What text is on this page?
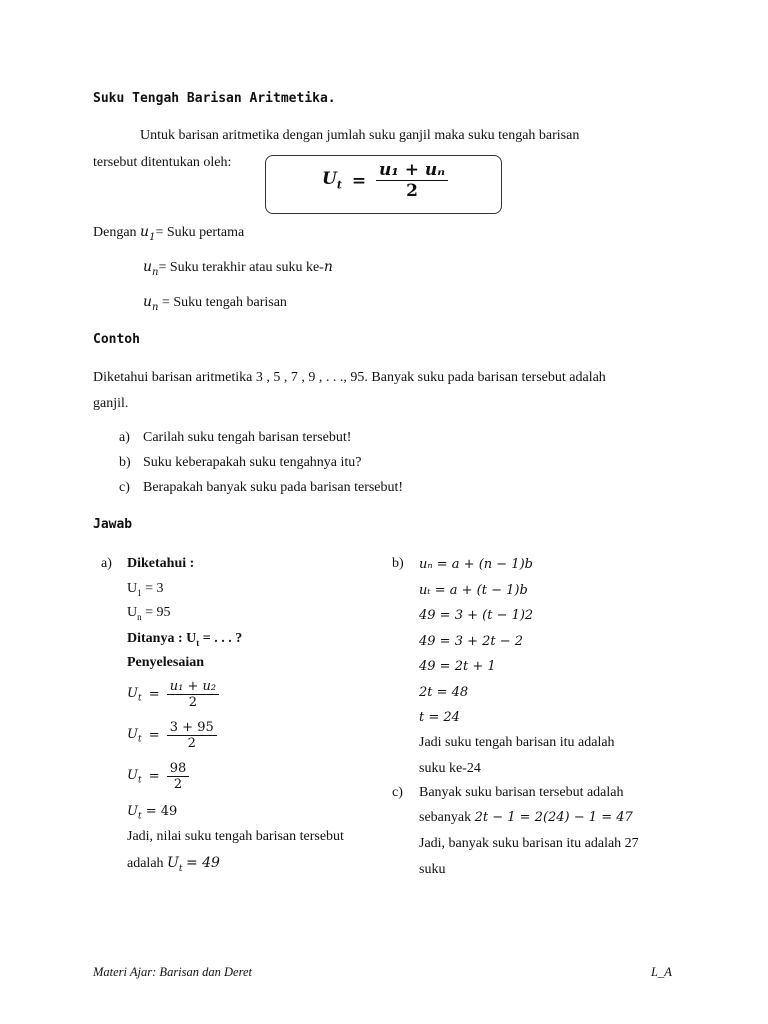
Suku Tengah Barisan Aritmetika.
Untuk barisan aritmetika dengan jumlah suku ganjil maka suku tengah barisan
tersebut ditentukan oleh:
$U_t = \frac{\text{u₁ + uₙ}}{2}$
Dengan $u_1=$ Suku pertama
$u_n=$ Suku terakhir atau suku ke-n
$u_n$ = Suku tengah barisan
Contoh
Diketahui barisan aritmetika 3 , 5 , 7 , 9 , . . ., 95. Banyak suku pada barisan tersebut adalah
ganjil.
a) Carilah suku tengah barisan tersebut!
b) Suku keberapakah suku tengahnya itu?
c) Berapakah banyak suku pada barisan tersebut!
Jawab
a) Diketahui :
$U_1 = 3$
$U_n = 95$
Ditanya : $U_t$ = . . . ?
Penyelesaian
$U_t = \frac{\text{u₁ + u₂}}{2}$
$U_t = \frac{3 + 95}{2}$
$U_t = \frac{98}{2}$
$U_t = 49$
Jadi, nilai suku tengah barisan tersebut
adalah $U_t = 49$
b) uₙ = a + (n − 1)b
uₜ = a + (t − 1)b
49 = 3 + (t − 1)2
49 = 3 + 2t − 2
49 = 2t + 1
2t = 48
t = 24
Jadi suku tengah barisan itu adalah
suku ke-24
c) Banyak suku barisan tersebut adalah
sebanyak 2t − 1 = 2(24) − 1 = 47
Jadi, banyak suku barisan itu adalah 27
suku
Materi Ajar: Barisan dan Deret	L_A
